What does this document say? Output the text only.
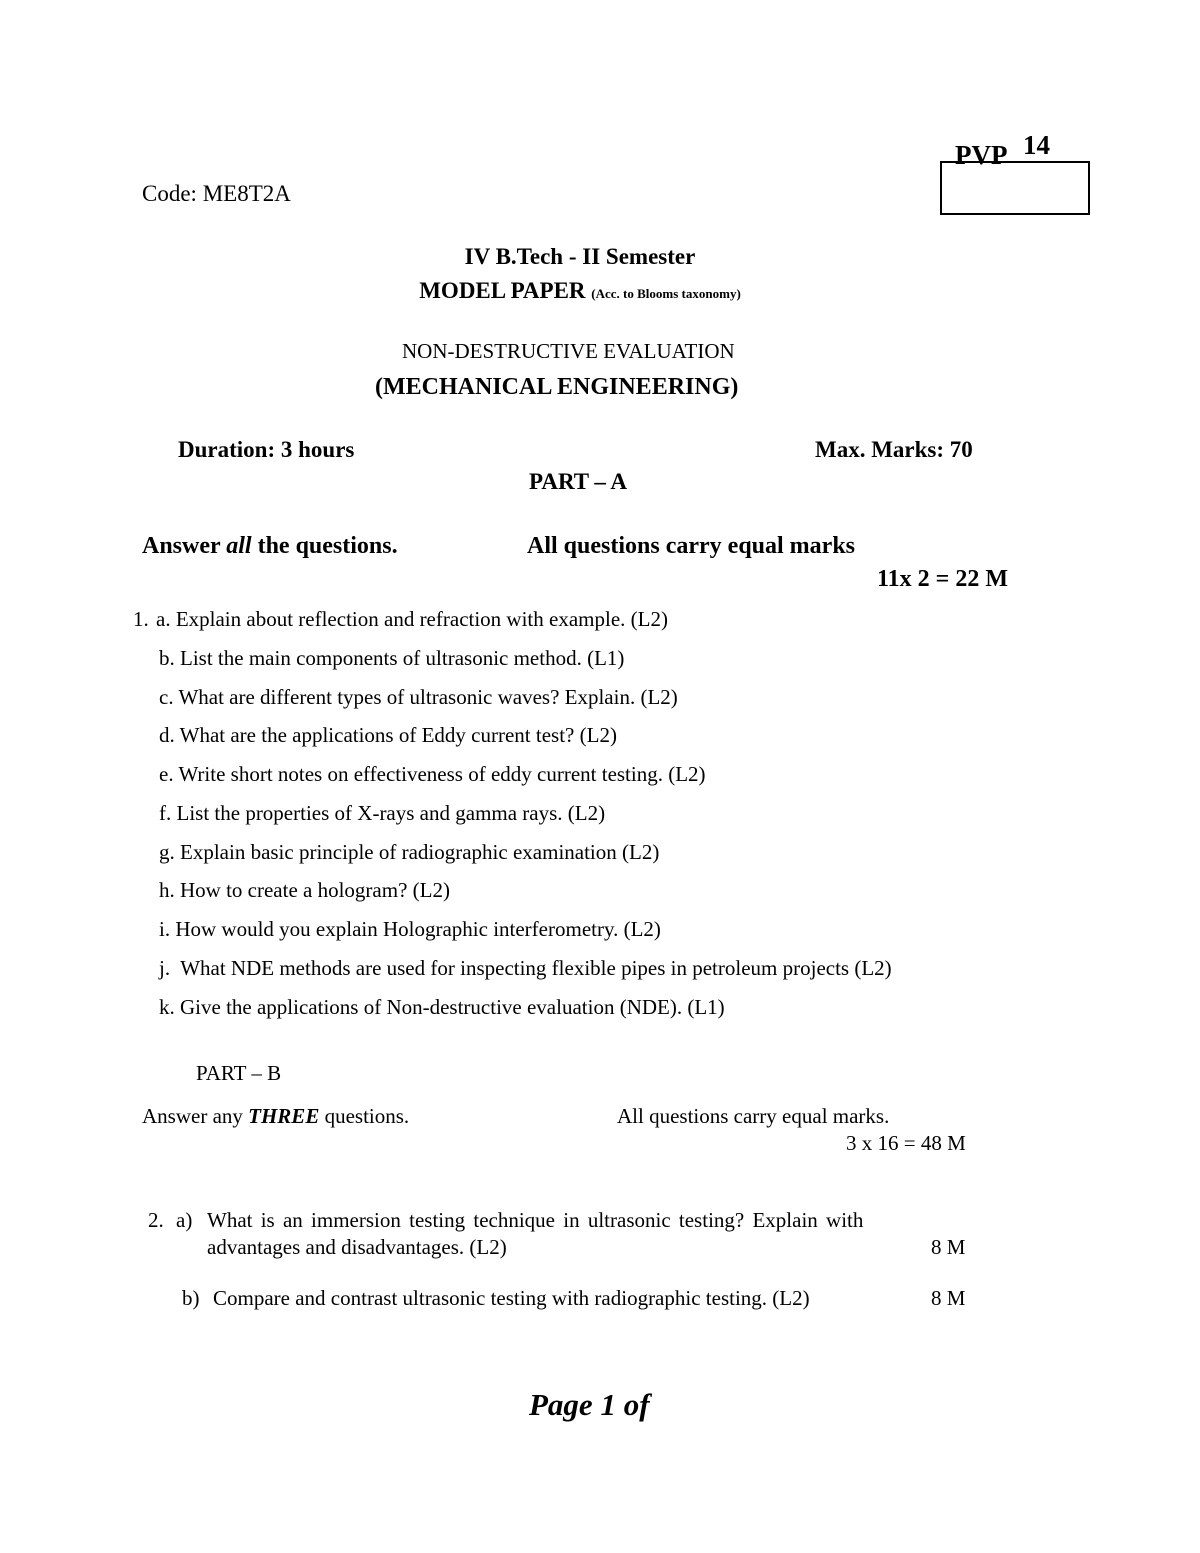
PVP 14
Code: ME8T2A
IV B.Tech - II Semester
MODEL PAPER (Acc. to Blooms taxonomy)
NON-DESTRUCTIVE EVALUATION
(MECHANICAL ENGINEERING)
Duration: 3 hours	Max. Marks: 70
PART – A
Answer all the questions.	All questions carry equal marks
11x 2 = 22 M
1. a. Explain about reflection and refraction with example. (L2)
b. List the main components of ultrasonic method. (L1)
c. What are different types of ultrasonic waves? Explain. (L2)
d. What are the applications of Eddy current test? (L2)
e. Write short notes on effectiveness of eddy current testing. (L2)
f. List the properties of X-rays and gamma rays. (L2)
g. Explain basic principle of radiographic examination (L2)
h. How to create a hologram? (L2)
i. How would you explain Holographic interferometry. (L2)
j.  What NDE methods are used for inspecting flexible pipes in petroleum projects (L2)
k. Give the applications of Non-destructive evaluation (NDE). (L1)
PART – B
Answer any THREE questions.	All questions carry equal marks.
3 x 16 = 48 M
2. a) What is an immersion testing technique in ultrasonic testing? Explain with
advantages and disadvantages. (L2)	8 M
b) Compare and contrast ultrasonic testing with radiographic testing. (L2)	8 M
Page 1 of
